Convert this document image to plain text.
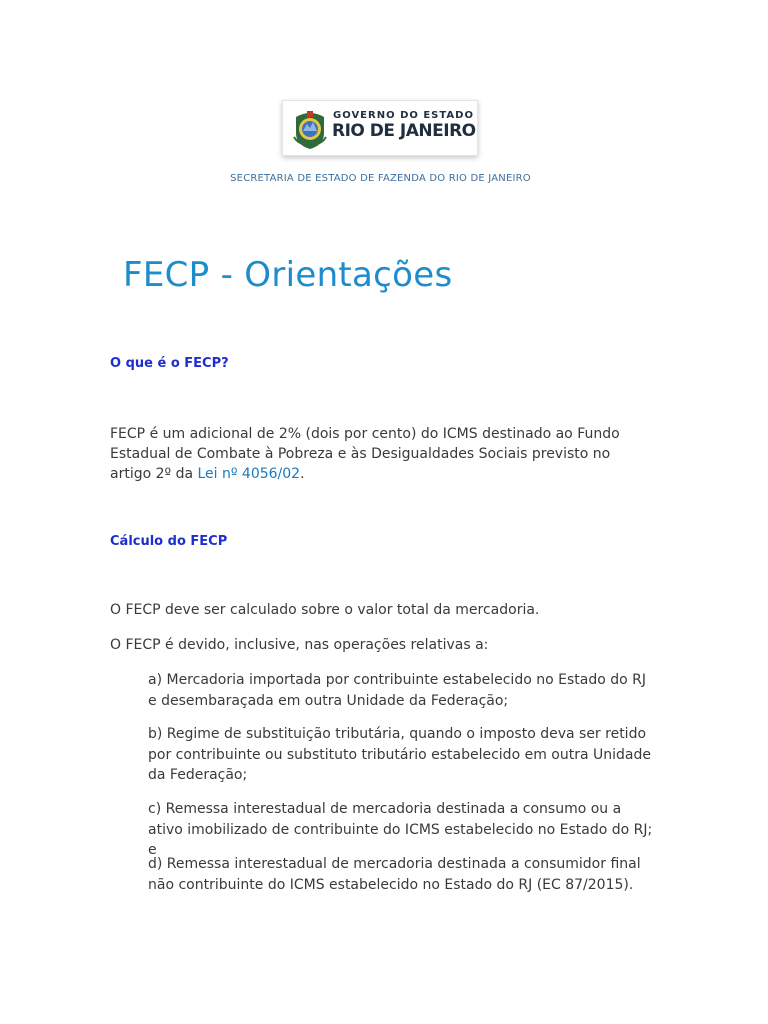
GOVERNO DO ESTADO
RIO DE JANEIRO
SECRETARIA DE ESTADO DE FAZENDA DO RIO DE JANEIRO
FECP - Orientações
O que é o FECP?

FECP é um adicional de 2% (dois por cento) do ICMS destinado ao Fundo Estadual de Combate à Pobreza e às Desigualdades Sociais previsto no artigo 2º da Lei nº 4056/02.

Cálculo do FECP

O FECP deve ser calculado sobre o valor total da mercadoria.

O FECP é devido, inclusive, nas operações relativas a:

a) Mercadoria importada por contribuinte estabelecido no Estado do RJ e desembaraçada em outra Unidade da Federação;

b) Regime de substituição tributária, quando o imposto deva ser retido por contribuinte ou substituto tributário estabelecido em outra Unidade da Federação;

c) Remessa interestadual de mercadoria destinada a consumo ou a ativo imobilizado de contribuinte do ICMS estabelecido no Estado do RJ; e

d) Remessa interestadual de mercadoria destinada a consumidor final não contribuinte do ICMS estabelecido no Estado do RJ (EC 87/2015).
